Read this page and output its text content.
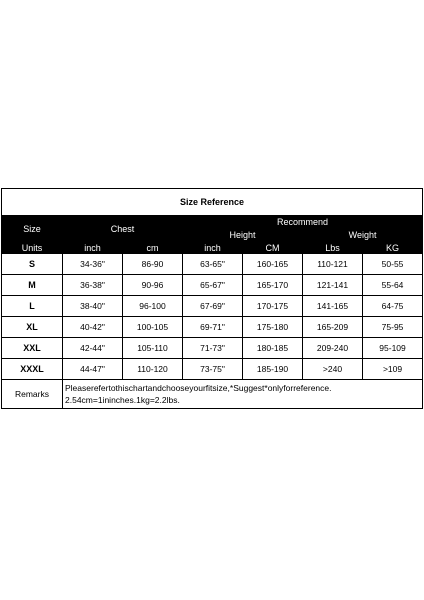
Size Reference						
Size	Chest		Recommend			
			Height		Weight	
Units	inch	cm	inch	CM	Lbs	KG
S	34-36"	86-90	63-65"	160-165	110-121	50-55
M	36-38"	90-96	65-67"	165-170	121-141	55-64
L	38-40"	96-100	67-69"	170-175	141-165	64-75
XL	40-42"	100-105	69-71"	175-180	165-209	75-95
XXL	42-44"	105-110	71-73"	180-185	209-240	95-109
XXXL	44-47"	110-120	73-75"	185-190	>240	>109
Remarks	Pleaserefertothischartandchooseyourfitsize,*Suggest*onlyforreference.
2.54cm=1ininches.1kg=2.2lbs.					
